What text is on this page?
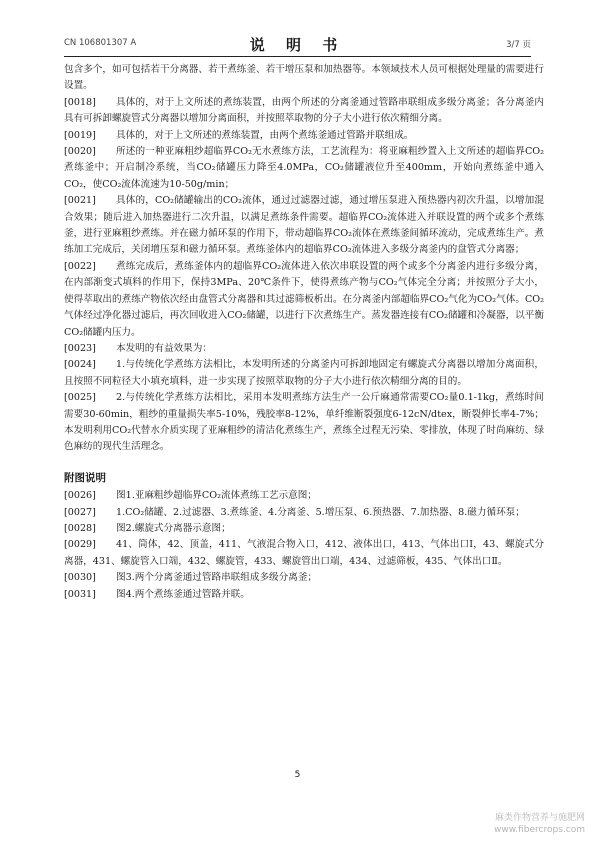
CN 106801307 A	说 明 书	3/7 页

包含多个，如可包括若干分离器、若干煮练釜、若干增压泵和加热器等。本领域技术人员可根据处理量的需要进行设置。

[0018]	具体的，对于上文所述的煮练装置，由两个所述的分离釜通过管路串联组成多级分离釜；各分离釜内具有可拆卸螺旋管式分离器以增加分离面积，并按照萃取物的分子大小进行依次精细分离。

[0019]	具体的，对于上文所述的煮练装置，由两个煮练釜通过管路并联组成。

[0020]	所述的一种亚麻粗纱超临界CO₂无水煮练方法，工艺流程为：将亚麻粗纱置入上文所述的超临界CO₂煮练釜中；开启制冷系统，当CO₂储罐压力降至4.0MPa，CO₂储罐液位升至400mm，开始向煮练釜中通入CO₂，使CO₂流体流速为10-50g/min；

[0021]	具体的，CO₂储罐输出的CO₂流体，通过过滤器过滤，通过增压泵进入预热器内初次升温，以增加混合效果；随后进入加热器进行二次升温，以满足煮练条件需要。超临界CO₂流体进入并联设置的两个或多个煮练釜，进行亚麻粗纱煮练。并在磁力循环泵的作用下，带动超临界CO₂流体在煮练釜间循环流动，完成煮练生产。煮练加工完成后，关闭增压泵和磁力循环泵。煮练釜体内的超临界CO₂流体进入多级分离釜内的盘管式分离器；

[0022]	煮练完成后，煮练釜体内的超临界CO₂流体进入依次串联设置的两个或多个分离釜内进行多级分离，在内部渐变式填料的作用下，保持3MPa、20℃条件下，使得煮练产物与CO₂气体完全分离；并按照分子大小，使得萃取出的煮练产物依次经由盘管式分离器和其过滤筛板析出。在分离釜内部超临界CO₂气化为CO₂气体。CO₂气体经过净化器过滤后，再次回收进入CO₂储罐，以进行下次煮练生产。蒸发器连接有CO₂储罐和冷凝器，以平衡CO₂储罐内压力。

[0023]	本发明的有益效果为：

[0024]	1.与传统化学煮练方法相比，本发明所述的分离釜内可拆卸地固定有螺旋式分离器以增加分离面积，且按照不同粒径大小填充填料，进一步实现了按照萃取物的分子大小进行依次精细分离的目的。

[0025]	2.与传统化学煮练方法相比，采用本发明煮练方法生产一公斤麻通常需要CO₂量0.1-1kg，煮练时间需要30-60min，粗纱的重量损失率5-10%，残胶率8-12%，单纤维断裂强度6-12cN/dtex，断裂伸长率4-7%；本发明利用CO₂代替水介质实现了亚麻粗纱的清洁化煮练生产，煮练全过程无污染、零排放，体现了时尚麻纺、绿色麻纺的现代生活理念。

附图说明

[0026]	图1.亚麻粗纱超临界CO₂流体煮练工艺示意图；

[0027]	1.CO₂储罐、2.过滤器、3.煮练釜、4.分离釜、5.增压泵、6.预热器、7.加热器、8.磁力循环泵；

[0028]	图2.螺旋式分离器示意图；

[0029]	41、筒体，42、顶盖，411、气液混合物入口，412、液体出口，413、气体出口Ⅰ，43、螺旋式分离器，431、螺旋管入口端，432、螺旋管，433、螺旋管出口端，434、过滤筛板，435、气体出口Ⅱ。

[0030]	图3.两个分离釜通过管路串联组成多级分离釜；

[0031]	图4.两个煮练釜通过管路并联。

5
麻类作物营养与施肥网
www.fibercrops.com
